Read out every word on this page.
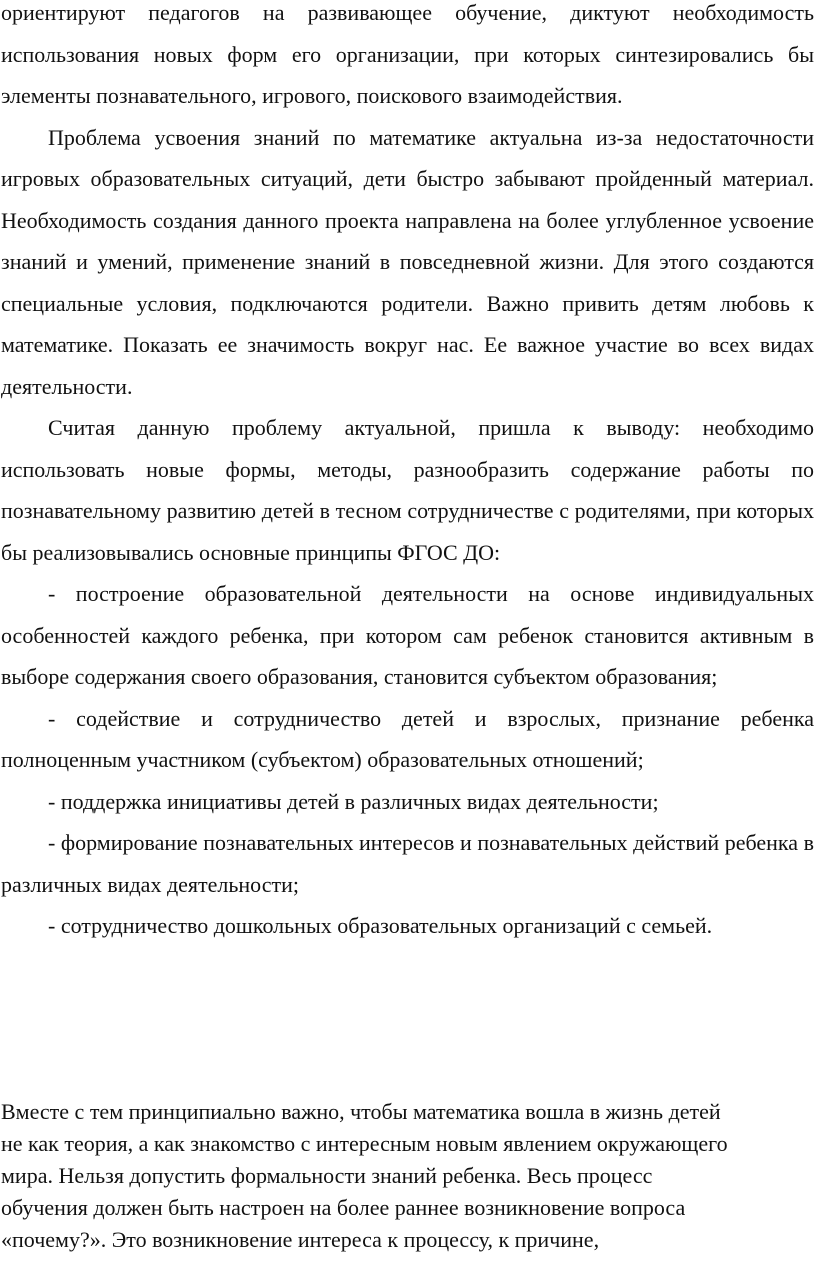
ориентируют педагогов на развивающее обучение, диктуют необходимость использования новых форм его организации, при которых синтезировались бы элементы познавательного, игрового, поискового взаимодействия.

Проблема усвоения знаний по математике актуальна из-за недостаточности игровых образовательных ситуаций, дети быстро забывают пройденный материал. Необходимость создания данного проекта направлена на более углубленное усвоение знаний и умений, применение знаний в повседневной жизни. Для этого создаются специальные условия, подключаются родители. Важно привить детям любовь к математике. Показать ее значимость вокруг нас. Ее важное участие во всех видах деятельности.

Считая данную проблему актуальной, пришла к выводу: необходимо использовать новые формы, методы, разнообразить содержание работы по познавательному развитию детей в тесном сотрудничестве с родителями, при которых бы реализовывались основные принципы ФГОС ДО:

- построение образовательной деятельности на основе индивидуальных особенностей каждого ребенка, при котором сам ребенок становится активным в выборе содержания своего образования, становится субъектом образования;

- содействие и сотрудничество детей и взрослых, признание ребенка полноценным участником (субъектом) образовательных отношений;

- поддержка инициативы детей в различных видах деятельности;

- формирование познавательных интересов и познавательных действий ребенка в различных видах деятельности;

- сотрудничество дошкольных образовательных организаций с семьей.

Вместе с тем принципиально важно, чтобы математика вошла в жизнь детей

не как теория, а как знакомство с интересным новым явлением окружающего

мира. Нельзя допустить формальности знаний ребенка. Весь процесс

обучения должен быть настроен на более раннее возникновение вопроса

«почему?». Это возникновение интереса к процессу, к причине,
